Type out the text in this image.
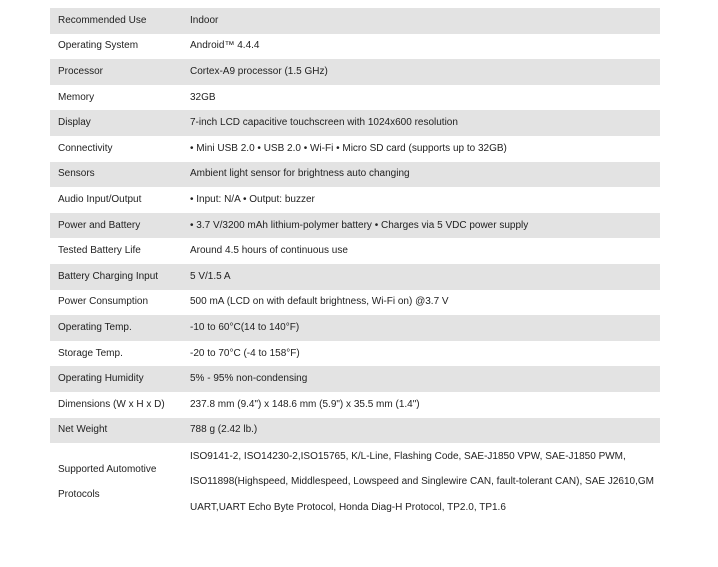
Recommended Use	Indoor
Operating System	Android™ 4.4.4
Processor	Cortex-A9 processor (1.5 GHz)
Memory	32GB
Display	7-inch LCD capacitive touchscreen with 1024x600 resolution
Connectivity	• Mini USB 2.0 • USB 2.0 • Wi-Fi • Micro SD card (supports up to 32GB)
Sensors	Ambient light sensor for brightness auto changing
Audio Input/Output	• Input: N/A • Output: buzzer
Power and Battery	• 3.7 V/3200 mAh lithium-polymer battery • Charges via 5 VDC power supply
Tested Battery Life	Around 4.5 hours of continuous use
Battery Charging Input	5 V/1.5 A
Power Consumption	500 mA (LCD on with default brightness, Wi-Fi on) @3.7 V
Operating Temp.	-10 to 60°C(14 to 140°F)
Storage Temp.	-20 to 70°C (-4 to 158°F)
Operating Humidity	5% - 95% non-condensing
Dimensions (W x H x D)	237.8 mm (9.4") x 148.6 mm (5.9") x 35.5 mm (1.4")
Net Weight	788 g (2.42 lb.)
Supported Automotive Protocols	ISO9141-2, ISO14230-2,ISO15765, K/L-Line, Flashing Code, SAE-J1850 VPW, SAE-J1850 PWM, ISO11898(Highspeed, Middlespeed, Lowspeed and Singlewire CAN, fault-tolerant CAN), SAE J2610,GM UART,UART Echo Byte Protocol, Honda Diag-H Protocol, TP2.0, TP1.6
